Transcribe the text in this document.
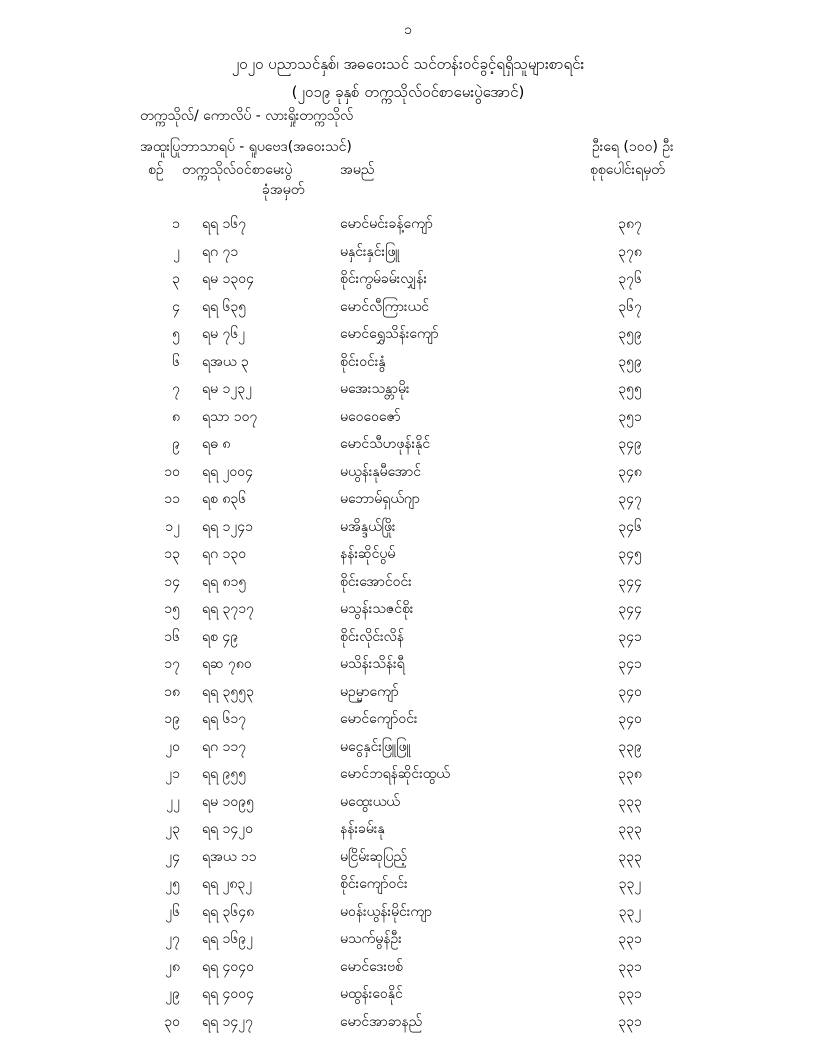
၁
၂၀၂၀ ပညာသင်နှစ်၊ အဓဝေးသင် သင်တန်းဝင်ခွင့်ရရှိသူများစာရင်း
(၂၀၁၉ ခုနှစ် တက္ကသိုလ်ဝင်စာမေးပွဲအောင်)
တက္ကသိုလ်/ ကောလိပ် - လားရှိုးတက္ကသိုလ်
အထူးပြုဘာသာရပ် - ရူပဗေဒ(အဝေးသင်)	ဦးရေ (၁၀၀) ဦး
စဉ် တက္ကသိုလ်ဝင်စာမေးပွဲ
ခုံအမှတ်
အမည်	စုစုပေါင်းရမှတ်
၁ ရရ ၁၆၇	မောင်မင်းခန့်ကျော်	၃၈၇
၂ ရဂ ၇၁	မနှင်းနှင်းဖြူ	၃၇၈
၃ ရမ ၁၃၀၄	စိုင်းကွမ်ခမ်းလျှန်း	၃၇၆
၄ ရရ ၆၃၅	မောင်လီကြားယင်	၃၆၇
၅ ရမ ၇၆၂	မောင်ရွှေသိန်းကျော်	၃၅၉
၆ ရအယ ၃	စိုင်းဝင်းနွံ	၃၅၉
၇ ရမ ၁၂၃၂	မအေးသန္တာမိုး	၃၅၅
၈ ရသာ ၁၀၇	မဝေဝေဇော်	၃၅၁
၉ ရဓ ၈	မောင်သီဟဖုန်းနိုင်	၃၄၉
၁၀ ရရ ၂၀၀၄	မယွန်းနုမီအောင်	၃၄၈
၁၁ ရစ ၈၃၆	မဘောမ်ရှယ်ဂျာ	၃၄၇
၁၂ ရရ ၁၂၄၁	မအိန္ဒယ်ဖြိုး	၃၄၆
၁၃ ရဂ ၁၃၀	နန်းဆိုင်ပွမ်	၃၄၅
၁၄ ရရ ၈၁၅	စိုင်းအောင်ဝင်း	၃၄၄
၁၅ ရရ ၃၇၁၇	မသွန်းသဇင်စိုး	၃၄၄
၁၆ ရစ ၄၉	စိုင်းလိုင်းလိန်	၃၄၁
၁၇ ရဆ ၇၈၀	မသိန်းသိန်းရီ	၃၄၁
၁၈ ရရ ၃၅၅၃	မဉမ္မာကျော်	၃၄၀
၁၉ ရရ ၆၁၇	မောင်ကျော်ဝင်း	၃၄၀
၂၀ ရဂ ၁၁၇	မငွေနှင်းဖြူဖြူ	၃၃၉
၂၁ ရရ ၉၅၅	မောင်ဘရန်ဆိုင်းထွယ်	၃၃၈
၂၂ ရမ ၁၀၉၅	မထွေးယယ်	၃၃၃
၂၃ ရရ ၁၄၂၀	နန်းခမ်းနု	၃၃၃
၂၄ ရအယ ၁၁	မငြိမ်းဆုပြည့်	၃၃၃
၂၅ ရရ ၂၈၃၂	စိုင်းကျော်ဝင်း	၃၃၂
၂၆ ရရ ၃၆၄၈	မဝန်းယွန်းမိုင်းကျာ	၃၃၂
၂၇ ရရ ၁၆၉၂	မသက်မွန်ဦး	၃၃၁
၂၈ ရရ ၄၀၄၀	မောင်ဒေးဗစ်	၃၃၁
၂၉ ရရ ၄၀၀၄	မထွန်းဝေနိုင်	၃၃၁
၃၀ ရရ ၁၄၂၇	မောင်အာခာနည်	၃၃၁
